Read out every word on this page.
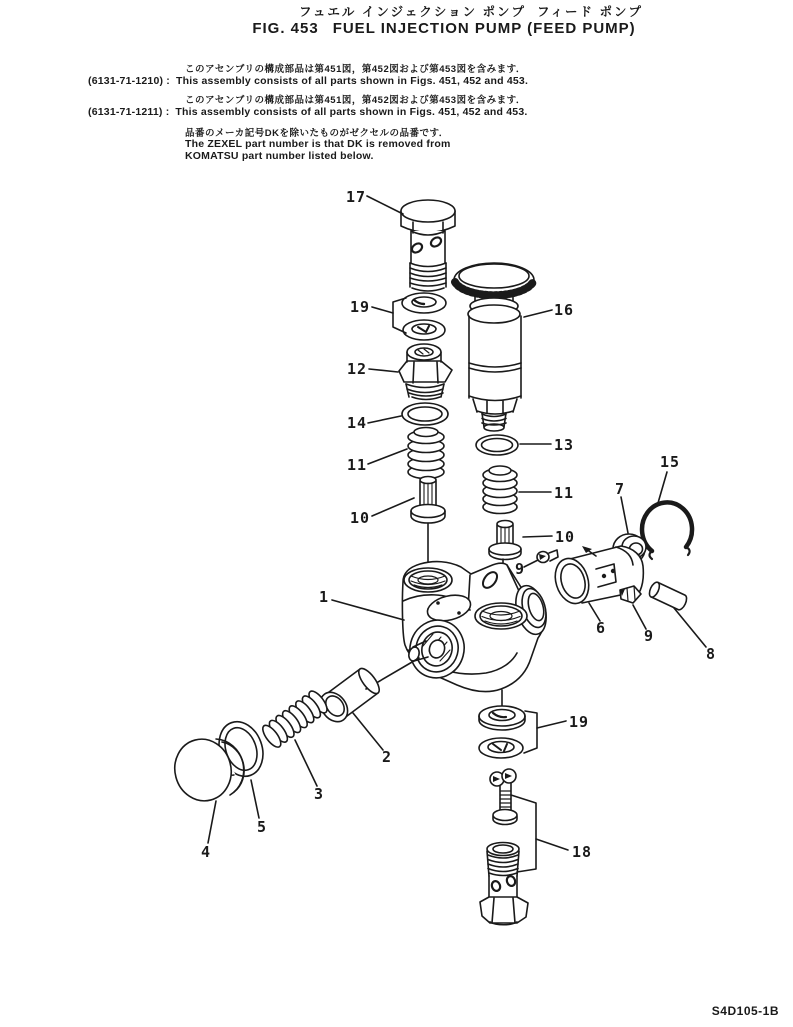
フュエル インジェクション ポンプ  フィード ポンプ
FIG. 453 FUEL INJECTION PUMP (FEED PUMP)
このアセンブリの構成部品は第451図，第452図および第453図を含みます．
(6131-71-1210) : This assembly consists of all parts shown in Figs. 451, 452 and 453.
このアセンブリの構成部品は第451図，第452図および第453図を含みます．
(6131-71-1211) : This assembly consists of all parts shown in Figs. 451, 452 and 453.
品番のメーカ記号DKを除いたものがゼクセルの品番です．
The ZEXEL part number is that DK is removed from
KOMATSU part number listed below.
17
19	16
12
14
11
10
13
11
10
15
7
1
6
9
9
8
2
3
5
4
19
18
S4D105-1B
